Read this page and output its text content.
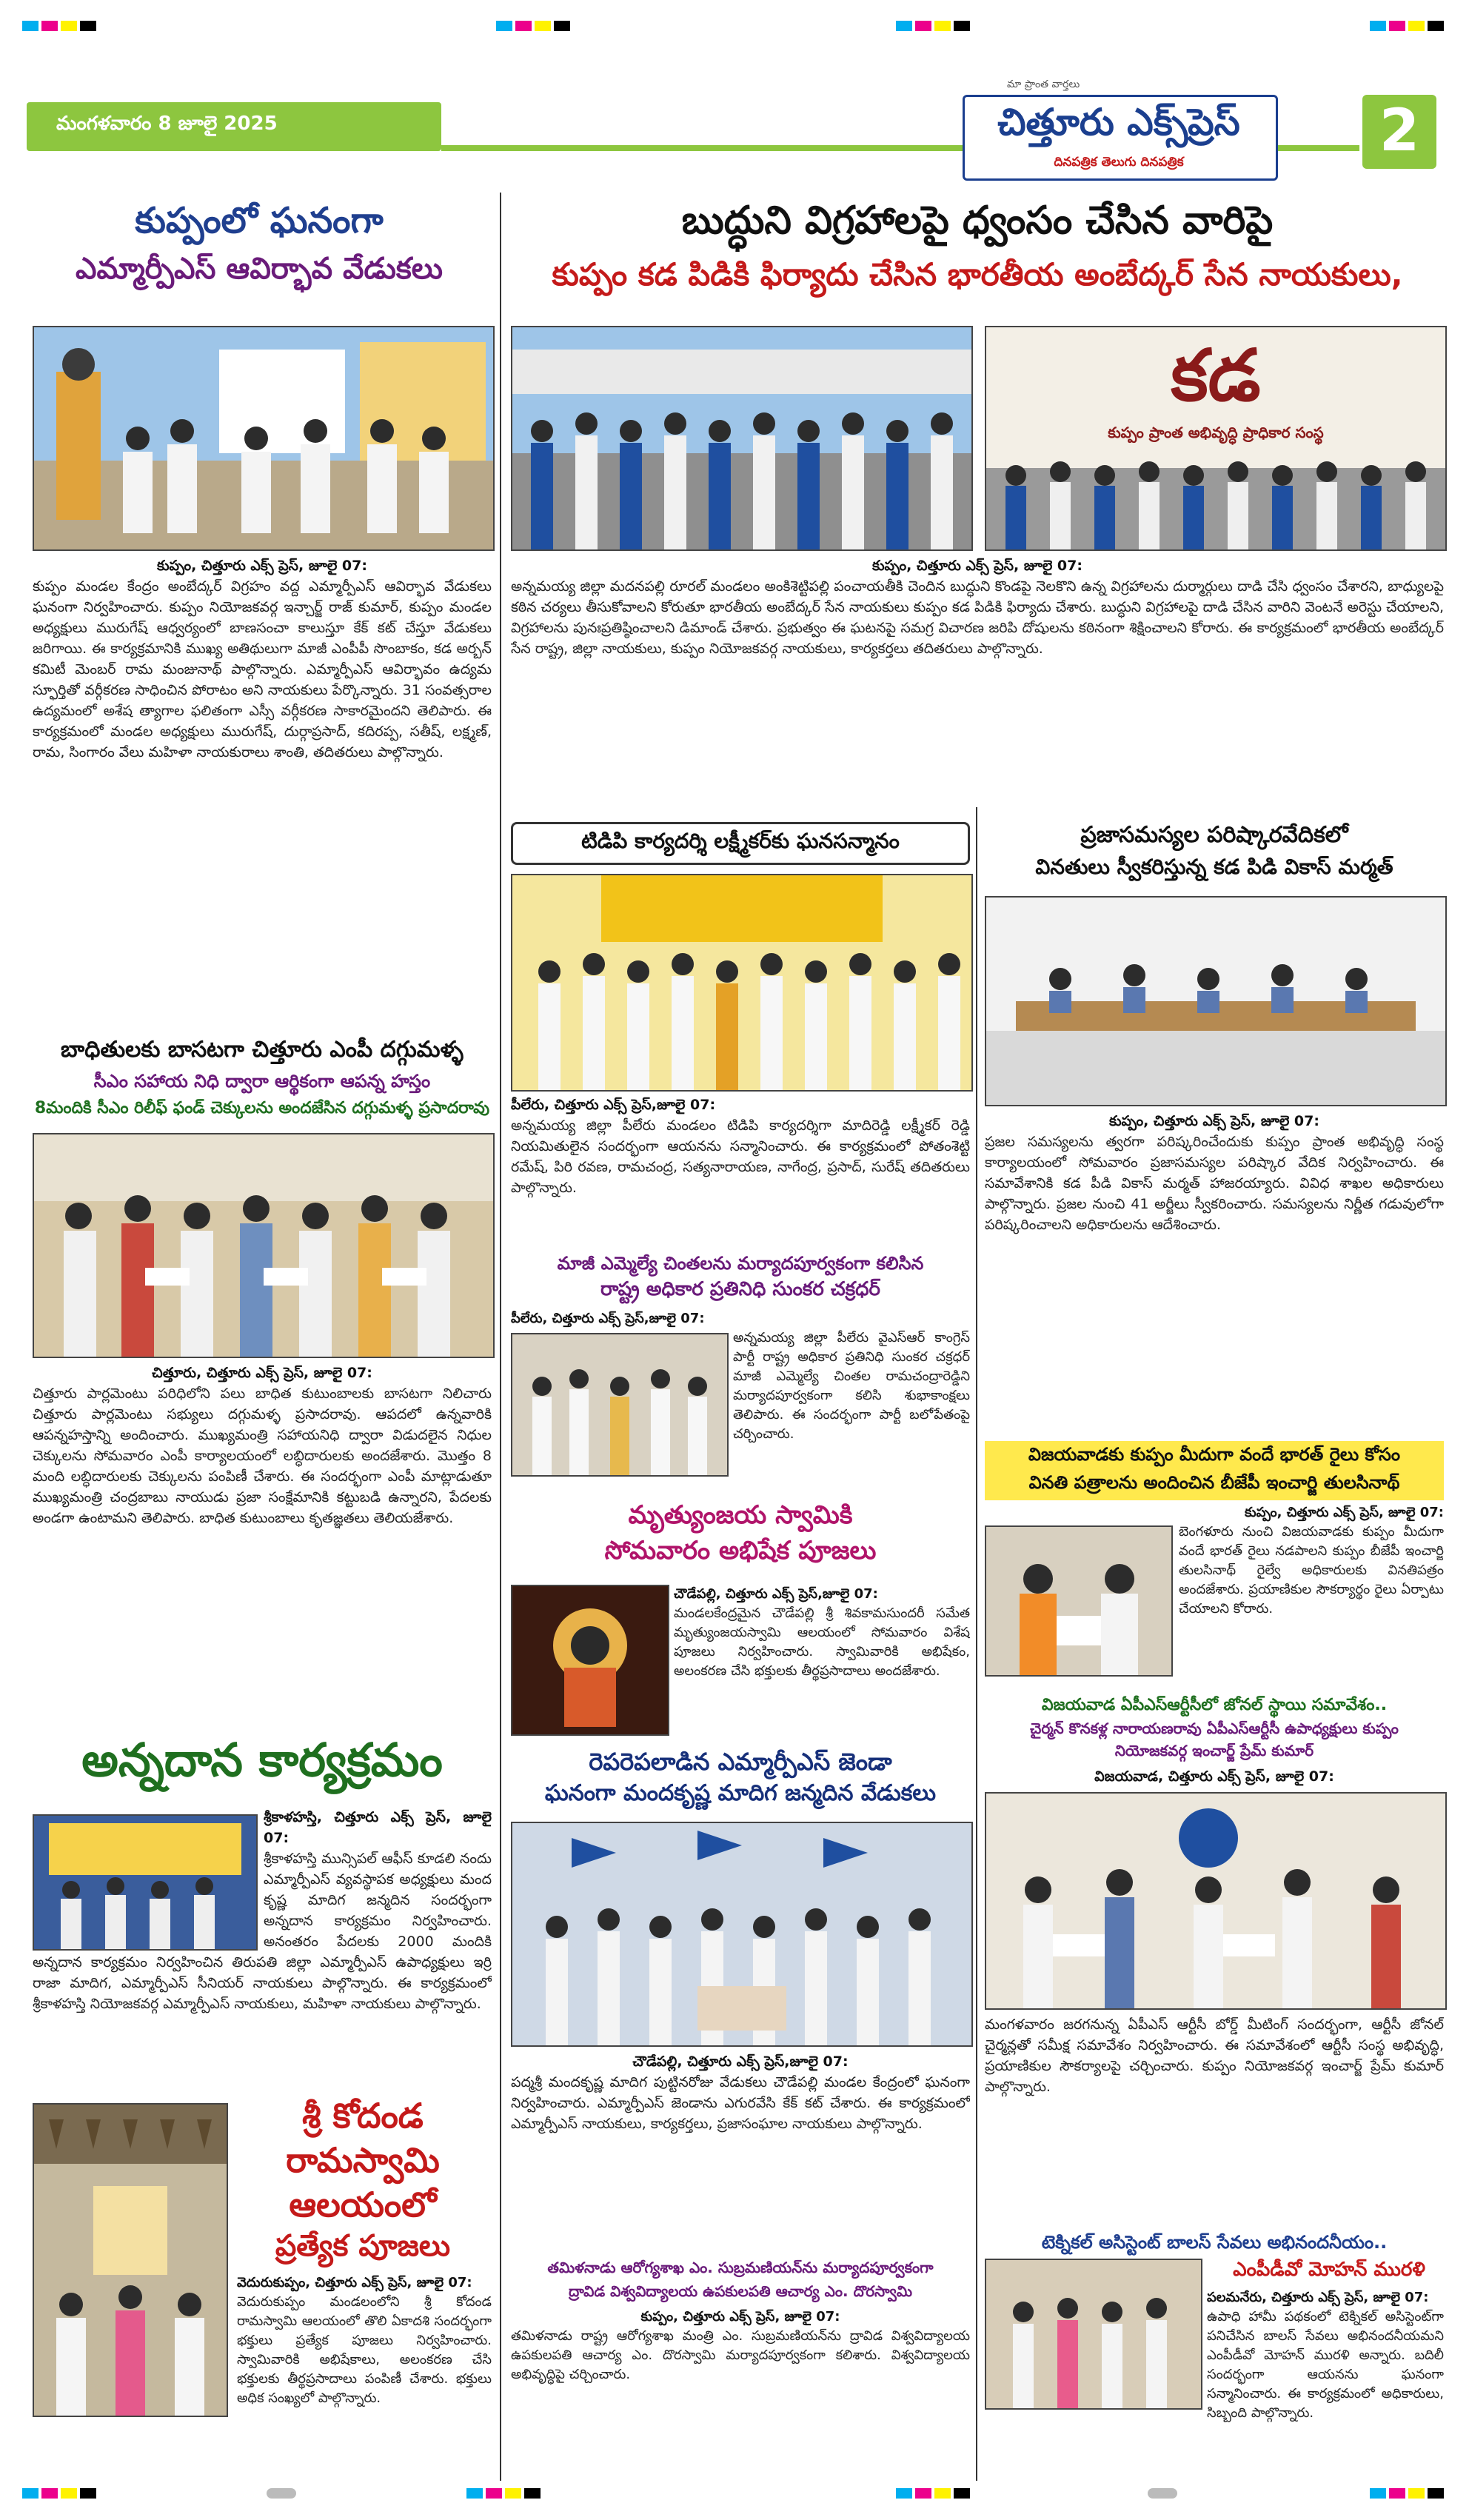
మంగళవారం 8 జూలై 2025	చిత్తూరు ఎక్స్‌ప్రెస్
దినపత్రిక తెలుగు దినపత్రిక
మా ప్రాంత వార్తలు
2
కుప్పంలో ఘనంగా
ఎమ్మార్పీఎస్ ఆవిర్భావ వేడుకలు
కుప్పం, చిత్తూరు ఎక్స్ ప్రెస్, జూలై 07:
కుప్పం మండల కేంద్రం అంబేద్కర్ విగ్రహం వద్ద ఎమ్మార్పీఎస్ ఆవిర్భావ వేడుకలు ఘనంగా నిర్వహించారు. కుప్పం నియోజకవర్గ ఇన్చార్జ్ రాజ్ కుమార్, కుప్పం మండల అధ్యక్షులు మురుగేష్ ఆధ్వర్యంలో బాణసంచా కాలుస్తూ కేక్ కట్ చేస్తూ వేడుకలు జరిగాయి. ఈ కార్యక్రమానికి ముఖ్య అతిథులుగా మాజీ ఎంపీపీ సొంబాకం, కడ అర్బన్ కమిటీ మెంబర్ రామ మంజునాథ్ పాల్గొన్నారు. ఎమ్మార్పీఎస్ ఆవిర్భావం ఉద్యమ స్ఫూర్తితో వర్గీకరణ సాధించిన పోరాటం అని నాయకులు పేర్కొన్నారు. 31 సంవత్సరాల ఉద్యమంలో అశేష త్యాగాల ఫలితంగా ఎస్సీ వర్గీకరణ సాకారమైందని తెలిపారు. ఈ కార్యక్రమంలో మండల అధ్యక్షులు మురుగేష్, దుర్గాప్రసాద్, కదిరప్ప, సతీష్, లక్ష్మణ్, రామ, సింగారం వేలు మహిళా నాయకురాలు శాంతి, తదితరులు పాల్గొన్నారు.
బాధితులకు బాసటగా చిత్తూరు ఎంపీ దగ్గుమళ్ళ
సీఎం సహాయ నిధి ద్వారా ఆర్థికంగా ఆపన్న హస్తం
8మందికి సీఎం రిలీఫ్ ఫండ్ చెక్కులను అందజేసిన దగ్గుమళ్ళ ప్రసాదరావు
చిత్తూరు, చిత్తూరు ఎక్స్ ప్రెస్, జూలై 07:
చిత్తూరు పార్లమెంటు పరిధిలోని పలు బాధిత కుటుంబాలకు బాసటగా నిలిచారు చిత్తూరు పార్లమెంటు సభ్యులు దగ్గుమళ్ళ ప్రసాదరావు. ఆపదలో ఉన్నవారికి ఆపన్నహస్తాన్ని అందించారు. ముఖ్యమంత్రి సహాయనిధి ద్వారా విడుదలైన నిధుల చెక్కులను సోమవారం ఎంపీ కార్యాలయంలో లబ్ధిదారులకు అందజేశారు. మొత్తం 8 మంది లబ్ధిదారులకు చెక్కులను పంపిణీ చేశారు. ఈ సందర్భంగా ఎంపీ మాట్లాడుతూ ముఖ్యమంత్రి చంద్రబాబు నాయుడు ప్రజా సంక్షేమానికి కట్టుబడి ఉన్నారని, పేదలకు అండగా ఉంటామని తెలిపారు. బాధిత కుటుంబాలు కృతజ్ఞతలు తెలియజేశారు.
అన్నదాన కార్యక్రమం
శ్రీకాళహస్తి, చిత్తూరు ఎక్స్ ప్రెస్, జూలై 07:
శ్రీకాళహస్తి మున్సిపల్ ఆఫీస్ కూడలి నందు ఎమ్మార్పీఎస్ వ్యవస్థాపక అధ్యక్షులు మంద కృష్ణ మాదిగ జన్మదిన సందర్భంగా అన్నదాన కార్యక్రమం నిర్వహించారు. అనంతరం పేదలకు 2000 మందికి అన్నదాన కార్యక్రమం నిర్వహించిన తిరుపతి జిల్లా ఎమ్మార్పీఎస్ ఉపాధ్యక్షులు ఇర్రి రాజా మాదిగ, ఎమ్మార్పీఎస్ సీనియర్ నాయకులు పాల్గొన్నారు. ఈ కార్యక్రమంలో శ్రీకాళహస్తి నియోజకవర్గ ఎమ్మార్పీఎస్ నాయకులు, మహిళా నాయకులు పాల్గొన్నారు.
శ్రీ కోదండ
రామస్వామి
ఆలయంలో
ప్రత్యేక పూజలు
వెదురుకుప్పం, చిత్తూరు ఎక్స్ ప్రెస్, జూలై 07:
వెదురుకుప్పం మండలంలోని శ్రీ కోదండ రామస్వామి ఆలయంలో తొలి ఏకాదశి సందర్భంగా భక్తులు ప్రత్యేక పూజలు నిర్వహించారు. స్వామివారికి అభిషేకాలు, అలంకరణ చేసి భక్తులకు తీర్థప్రసాదాలు పంపిణీ చేశారు. భక్తులు అధిక సంఖ్యలో పాల్గొన్నారు.
బుద్ధుని విగ్రహాలపై ధ్వంసం చేసిన వారిపై
కుప్పం కడ పిడికి ఫిర్యాదు చేసిన భారతీయ అంబేద్కర్ సేన నాయకులు,
కడ
కుప్పం ప్రాంత అభివృద్ధి ప్రాధికార సంస్థ
కుప్పం, చిత్తూరు ఎక్స్ ప్రెస్, జూలై 07:
అన్నమయ్య జిల్లా మదనపల్లి రూరల్ మండలం అంకిశెట్టిపల్లి పంచాయతీకి చెందిన బుద్ధుని కొండపై నెలకొని ఉన్న విగ్రహాలను దుర్మార్గులు దాడి చేసి ధ్వంసం చేశారని, బాధ్యులపై కఠిన చర్యలు తీసుకోవాలని కోరుతూ భారతీయ అంబేద్కర్ సేన నాయకులు కుప్పం కడ పిడికి ఫిర్యాదు చేశారు. బుద్ధుని విగ్రహాలపై దాడి చేసిన వారిని వెంటనే అరెస్టు చేయాలని, విగ్రహాలను పునఃప్రతిష్ఠించాలని డిమాండ్ చేశారు. ప్రభుత్వం ఈ ఘటనపై సమగ్ర విచారణ జరిపి దోషులను కఠినంగా శిక్షించాలని కోరారు. ఈ కార్యక్రమంలో భారతీయ అంబేద్కర్ సేన రాష్ట్ర, జిల్లా నాయకులు, కుప్పం నియోజకవర్గ నాయకులు, కార్యకర్తలు తదితరులు పాల్గొన్నారు.
టిడిపి కార్యదర్శి లక్ష్మీకర్‌కు ఘనసన్మానం
పీలేరు, చిత్తూరు ఎక్స్ ప్రెస్,జూలై 07:
అన్నమయ్య జిల్లా పీలేరు మండలం టిడిపి కార్యదర్శిగా మాదిరెడ్డి లక్ష్మీకర్ రెడ్డి నియమితులైన సందర్భంగా ఆయనను సన్మానించారు. ఈ కార్యక్రమంలో పోతంశెట్టి రమేష్, పిరి రవణ, రామచంద్ర, సత్యనారాయణ, నాగేంద్ర, ప్రసాద్, సురేష్ తదితరులు పాల్గొన్నారు.
మాజీ ఎమ్మెల్యే చింతలను మర్యాదపూర్వకంగా కలిసిన
రాష్ట్ర అధికార ప్రతినిధి సుంకర చక్రధర్
పీలేరు, చిత్తూరు ఎక్స్ ప్రెస్,జూలై 07:
అన్నమయ్య జిల్లా పీలేరు వైఎస్ఆర్ కాంగ్రెస్ పార్టీ రాష్ట్ర అధికార ప్రతినిధి సుంకర చక్రధర్ మాజీ ఎమ్మెల్యే చింతల రామచంద్రారెడ్డిని మర్యాదపూర్వకంగా కలిసి శుభాకాంక్షలు తెలిపారు. ఈ సందర్భంగా పార్టీ బలోపేతంపై చర్చించారు.
మృత్యుంజయ స్వామికి
సోమవారం అభిషేక పూజలు
చౌడేపల్లి, చిత్తూరు ఎక్స్ ప్రెస్,జూలై 07:
మండలకేంద్రమైన చౌడేపల్లి శ్రీ శివకామసుందరీ సమేత మృత్యుంజయస్వామి ఆలయంలో సోమవారం విశేష పూజలు నిర్వహించారు. స్వామివారికి అభిషేకం, అలంకరణ చేసి భక్తులకు తీర్థప్రసాదాలు అందజేశారు.
రెపరెపలాడిన ఎమ్మార్పీఎస్ జెండా
ఘనంగా మందకృష్ణ మాదిగ జన్మదిన వేడుకలు
చౌడేపల్లి, చిత్తూరు ఎక్స్ ప్రెస్,జూలై 07:
పద్మశ్రీ మందకృష్ణ మాదిగ పుట్టినరోజు వేడుకలు చౌడేపల్లి మండల కేంద్రంలో ఘనంగా నిర్వహించారు. ఎమ్మార్పీఎస్ జెండాను ఎగురవేసి కేక్ కట్ చేశారు. ఈ కార్యక్రమంలో ఎమ్మార్పీఎస్ నాయకులు, కార్యకర్తలు, ప్రజాసంఘాల నాయకులు పాల్గొన్నారు.
తమిళనాడు ఆరోగ్యశాఖ ఎం. సుబ్రమణియన్‌ను మర్యాదపూర్వకంగా
ద్రావిడ విశ్వవిద్యాలయ ఉపకులపతి ఆచార్య ఎం. దొరస్వామి
కుప్పం, చిత్తూరు ఎక్స్ ప్రెస్, జూలై 07:
తమిళనాడు రాష్ట్ర ఆరోగ్యశాఖ మంత్రి ఎం. సుబ్రమణియన్‌ను ద్రావిడ విశ్వవిద్యాలయ ఉపకులపతి ఆచార్య ఎం. దొరస్వామి మర్యాదపూర్వకంగా కలిశారు. విశ్వవిద్యాలయ అభివృద్ధిపై చర్చించారు.
ప్రజాసమస్యల పరిష్కారవేదికలో
వినతులు స్వీకరిస్తున్న కడ పిడి వికాస్ మర్మత్
కుప్పం, చిత్తూరు ఎక్స్ ప్రెస్, జూలై 07:
ప్రజల సమస్యలను త్వరగా పరిష్కరించేందుకు కుప్పం ప్రాంత అభివృద్ధి సంస్థ కార్యాలయంలో సోమవారం ప్రజాసమస్యల పరిష్కార వేదిక నిర్వహించారు. ఈ సమావేశానికి కడ పీడి వికాస్ మర్మత్ హాజరయ్యారు. వివిధ శాఖల అధికారులు పాల్గొన్నారు. ప్రజల నుంచి 41 అర్జీలు స్వీకరించారు. సమస్యలను నిర్ణీత గడువులోగా పరిష్కరించాలని అధికారులను ఆదేశించారు.
విజయవాడకు కుప్పం మీదుగా వందే భారత్ రైలు కోసం
వినతి పత్రాలను అందించిన బీజేపీ ఇంచార్జి తులసినాథ్
కుప్పం, చిత్తూరు ఎక్స్ ప్రెస్, జూలై 07:
బెంగళూరు నుంచి విజయవాడకు కుప్పం మీదుగా వందే భారత్ రైలు నడపాలని కుప్పం బీజేపీ ఇంచార్జి తులసినాథ్ రైల్వే అధికారులకు వినతిపత్రం అందజేశారు. ప్రయాణికుల సౌకర్యార్థం రైలు ఏర్పాటు చేయాలని కోరారు.
విజయవాడ ఏపీఎస్ఆర్టీసీలో జోనల్ స్థాయి సమావేశం..
చైర్మన్ కొనకళ్ల నారాయణరావు ఏపీఎస్ఆర్టీసీ ఉపాధ్యక్షులు కుప్పం
నియోజకవర్గ ఇంచార్జ్ ప్రేమ్ కుమార్
విజయవాడ, చిత్తూరు ఎక్స్ ప్రెస్, జూలై 07:
మంగళవారం జరగనున్న ఏపీఎస్ ఆర్టీసీ బోర్డ్ మీటింగ్ సందర్భంగా, ఆర్టీసీ జోనల్ చైర్మన్లతో సమీక్ష సమావేశం నిర్వహించారు. ఈ సమావేశంలో ఆర్టీసీ సంస్థ అభివృద్ధి, ప్రయాణికుల సౌకర్యాలపై చర్చించారు. కుప్పం నియోజకవర్గ ఇంచార్జ్ ప్రేమ్ కుమార్ పాల్గొన్నారు.
టెక్నికల్ అసిస్టెంట్ బాలస్ సేవలు అభినందనీయం..
ఎంపీడీవో మోహన్ మురళి
పలమనేరు, చిత్తూరు ఎక్స్ ప్రెస్, జూలై 07:
ఉపాధి హామీ పథకంలో టెక్నికల్ అసిస్టెంట్‌గా పనిచేసిన బాలస్ సేవలు అభినందనీయమని ఎంపీడీవో మోహన్ మురళి అన్నారు. బదిలీ సందర్భంగా ఆయనను ఘనంగా సన్మానించారు. ఈ కార్యక్రమంలో అధికారులు, సిబ్బంది పాల్గొన్నారు.
